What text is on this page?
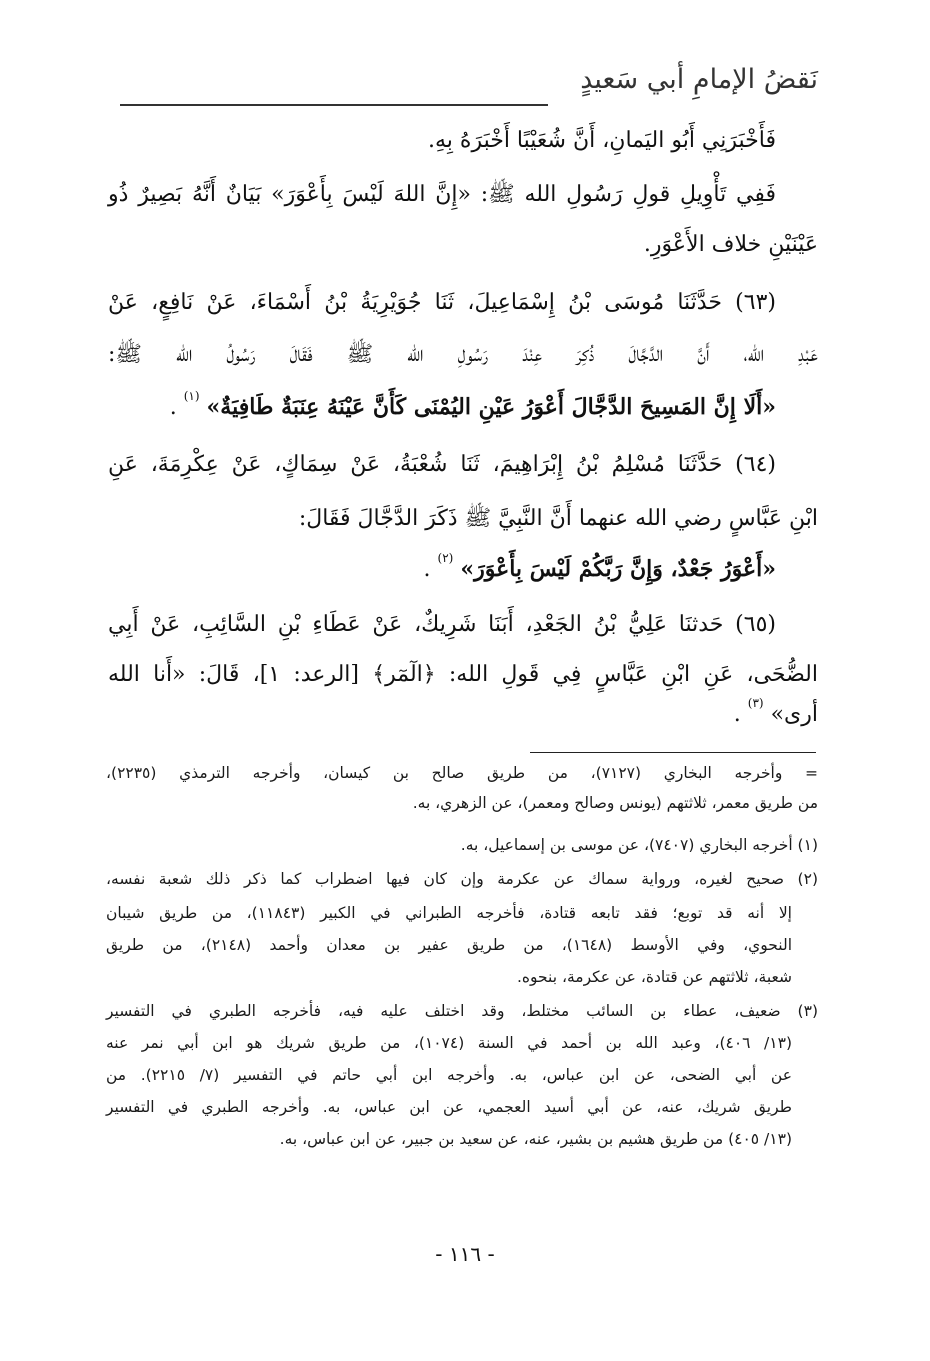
نَقضُ الإمامِ أبي سَعيدٍ
فَأَخْبَرَنِي أَبُو اليَمانِ، أَنَّ شُعَيْبًا أَخْبَرَهُ بِهِ.
فَفِي تَأْوِيلِ قولِ رَسُولِ الله ﷺ: «إِنَّ اللهَ لَيْسَ بِأَعْوَرَ» بَيَانٌ أَنَّهُ بَصِيرٌ ذُو
عَيْنَيْنِ خلاف الأَعْوَرِ.
(٦٣) حَدَّثَنَا مُوسَى بْنُ إِسْمَاعِيلَ، ثَنَا جُوَيْرِيَةُ بْنُ أَسْمَاءَ، عَنْ نَافِعٍ، عَنْ
عَبْدِ الله، أَنَّ الدَّجَّالَ ذُكِرَ عِنْدَ رَسُولِ الله ﷺ فَقَالَ رَسُولُ الله ﷺ:
«أَلَا إِنَّ المَسِيحَ الدَّجَّالَ أَعْوَرُ عَيْنِ اليُمْنَى كَأَنَّ عَيْنَهُ عِنَبَةٌ طَافِيَةٌ» $^{(١)}$ .
(٦٤) حَدَّثَنَا مُسْلِمُ بْنُ إِبْرَاهِيمَ، ثَنَا شُعْبَةُ، عَنْ سِمَاكٍ، عَنْ عِكْرِمَةَ، عَنِ
ابْنِ عَبَّاسٍ رضي الله عنهما أَنَّ النَّبِيَّ ﷺ ذَكَرَ الدَّجَّالَ فَقَالَ:
«أَعْوَرُ جَعْدٌ، وَإِنَّ رَبَّكُمْ لَيْسَ بِأَعْوَرَ» $^{(٢)}$ .
(٦٥) حَدثنَا عَلِيُّ بْنُ الجَعْدِ، أَبَنَا شَرِيكٌ، عَنْ عَطَاءِ بْنِ السَّائِبِ، عَنْ أَبِي
الضُّحَى، عَنِ ابْنِ عَبَّاسٍ فِي قَولِ الله: ﴿الٓمٓر﴾ [الرعد: ١]، قَالَ: «أَنا الله
أرى» $^{(٣)}$ .
= وأخرجه البخاري (٧١٢٧)، من طريق صالح بن كيسان، وأخرجه الترمذي (٢٢٣٥)،
من طريق معمر، ثلاثتهم (يونس وصالح ومعمر)، عن الزهري، به.
(١) أخرجه البخاري (٧٤٠٧)، عن موسى بن إسماعيل، به.
(٢) صحيح لغيره، ورواية سماك عن عكرمة وإن كان فيها اضطراب كما ذكر ذلك شعبة نفسه،
إلا أنه قد توبع؛ فقد تابعه قتادة، فأخرجه الطبراني في الكبير (١١٨٤٣)، من طريق شيبان
النحوي، وفي الأوسط (١٦٤٨)، من طريق عفير بن معدان وأحمد (٢١٤٨)، من طريق
شعبة، ثلاثتهم عن قتادة، عن عكرمة، بنحوه.
(٣) ضعيف، عطاء بن السائب مختلط، وقد اختلف عليه فيه، فأخرجه الطبري في التفسير
(١٣/ ٤٠٦)، وعبد الله بن أحمد في السنة (١٠٧٤)، من طريق شريك هو ابن أبي نمر عنه
عن أبي الضحى، عن ابن عباس، به. وأخرجه ابن أبي حاتم في التفسير (٧/ ٢٢١٥). من
طريق شريك، عنه، عن أبي أسيد العجمي، عن ابن عباس، به. وأخرجه الطبري في التفسير
(١٣/ ٤٠٥) من طريق هشيم بن بشير، عنه، عن سعيد بن جبير، عن ابن عباس، به.
- ١١٦ -
